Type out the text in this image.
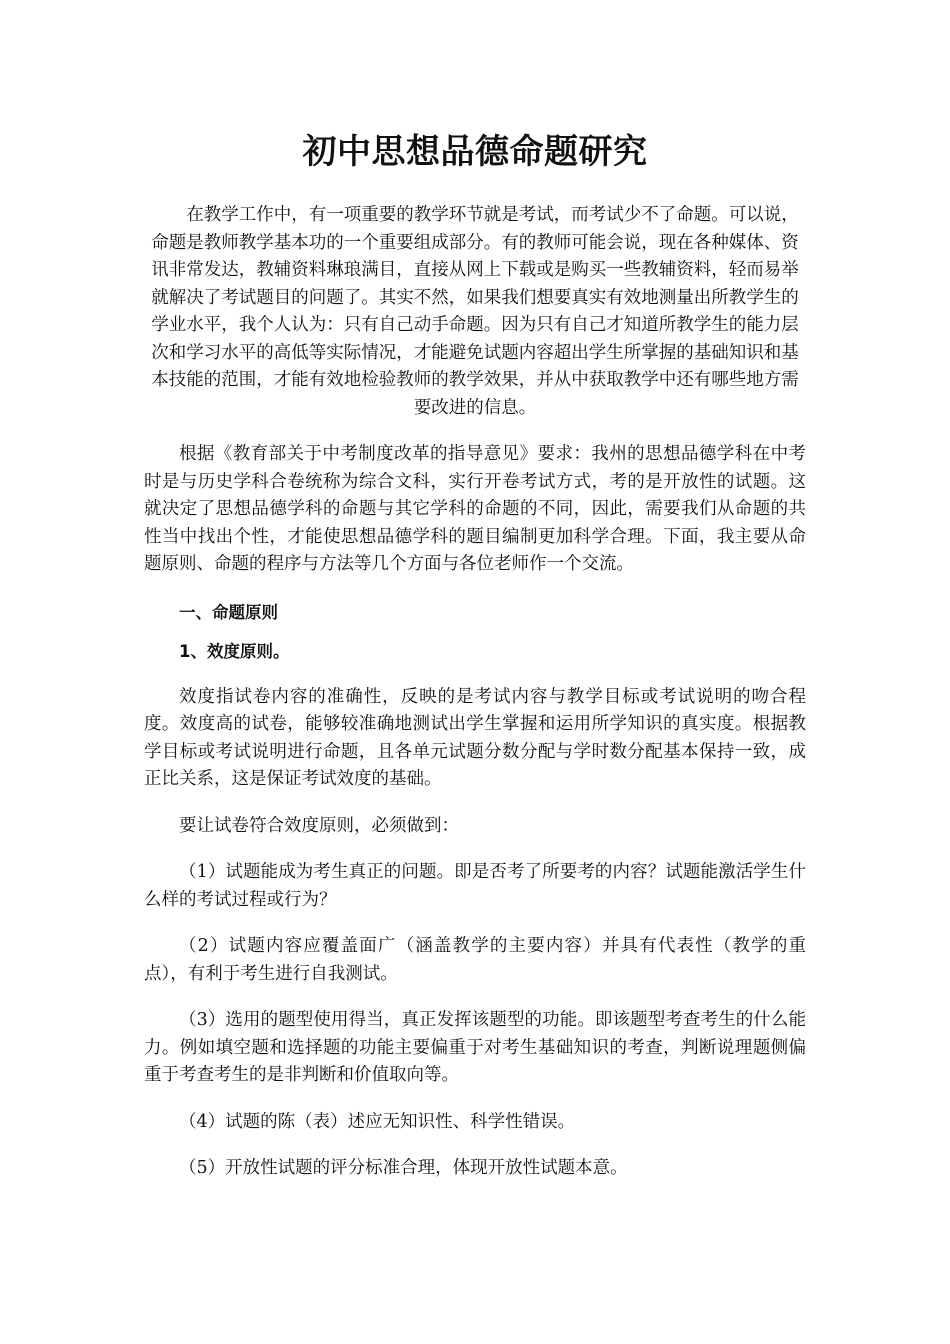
初中思想品德命题研究

在教学工作中，有一项重要的教学环节就是考试，而考试少不了命题。可以说，命题是教师教学基本功的一个重要组成部分。有的教师可能会说，现在各种媒体、资讯非常发达，教辅资料琳琅满目，直接从网上下载或是购买一些教辅资料，轻而易举就解决了考试题目的问题了。其实不然，如果我们想要真实有效地测量出所教学生的学业水平，我个人认为：只有自己动手命题。因为只有自己才知道所教学生的能力层次和学习水平的高低等实际情况，才能避免试题内容超出学生所掌握的基础知识和基本技能的范围，才能有效地检验教师的教学效果，并从中获取教学中还有哪些地方需要改进的信息。

根据《教育部关于中考制度改革的指导意见》要求：我州的思想品德学科在中考时是与历史学科合卷统称为综合文科，实行开卷考试方式，考的是开放性的试题。这就决定了思想品德学科的命题与其它学科的命题的不同，因此，需要我们从命题的共性当中找出个性，才能使思想品德学科的题目编制更加科学合理。下面，我主要从命题原则、命题的程序与方法等几个方面与各位老师作一个交流。

一、命题原则

1、效度原则。

效度指试卷内容的准确性，反映的是考试内容与教学目标或考试说明的吻合程度。效度高的试卷，能够较准确地测试出学生掌握和运用所学知识的真实度。根据教学目标或考试说明进行命题，且各单元试题分数分配与学时数分配基本保持一致，成正比关系，这是保证考试效度的基础。

要让试卷符合效度原则，必须做到：

（1）试题能成为考生真正的问题。即是否考了所要考的内容？试题能激活学生什么样的考试过程或行为？

（2）试题内容应覆盖面广（涵盖教学的主要内容）并具有代表性（教学的重点），有利于考生进行自我测试。

（3）选用的题型使用得当，真正发挥该题型的功能。即该题型考查考生的什么能力。例如填空题和选择题的功能主要偏重于对考生基础知识的考查，判断说理题侧偏重于考查考生的是非判断和价值取向等。

（4）试题的陈（表）述应无知识性、科学性错误。

（5）开放性试题的评分标准合理，体现开放性试题本意。
